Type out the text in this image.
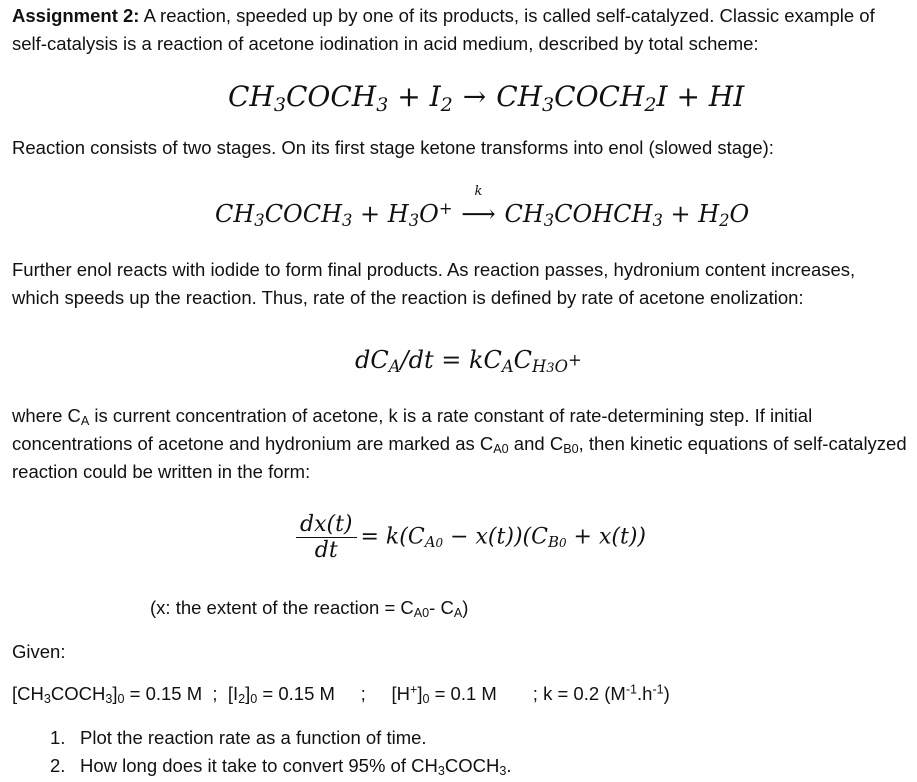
Assignment 2: A reaction, speeded up by one of its products, is called self-catalyzed. Classic example of self-catalysis is a reaction of acetone iodination in acid medium, described by total scheme:

$CH_3COCH_3 + I_2$ → $CH_3COCH_2I$ + HI

Reaction consists of two stages. On its first stage ketone transforms into enol (slowed stage):

$CH_3COCH_3 + H_3O^+$
k
⟶ $CH_3COHCH_3 + H_2O$

Further enol reacts with iodide to form final products. As reaction passes, hydronium content increases, which speeds up the reaction. Thus, rate of the reaction is defined by rate of acetone enolization:

$dC_A/dt = kC_AC_{H3O+}$

where $C_A$ is current concentration of acetone, k is a rate constant of rate-determining step. If initial concentrations of acetone and hydronium are marked as $C_{A0}$ and $C_{B0}$, then kinetic equations of self-catalyzed reaction could be written in the form:

$\frac{dx(t)}{dt} = k(C_{A0} - x(t))(C_{B0} + x(t))$

(x: the extent of the reaction = $C_{A0}-$ $C_A$)

Given:

$[CH_3COCH_3]_0 = 0.15$ M  ;  $[I_2]_0 = 0.15$ M     ;     $[H^+]_0 = 0.1$ M       ; k = 0.2 $(M^{-1}.h^{-1})$

1. Plot the reaction rate as a function of time.
2. How long does it take to convert 95% of $CH_3COCH_3$.
